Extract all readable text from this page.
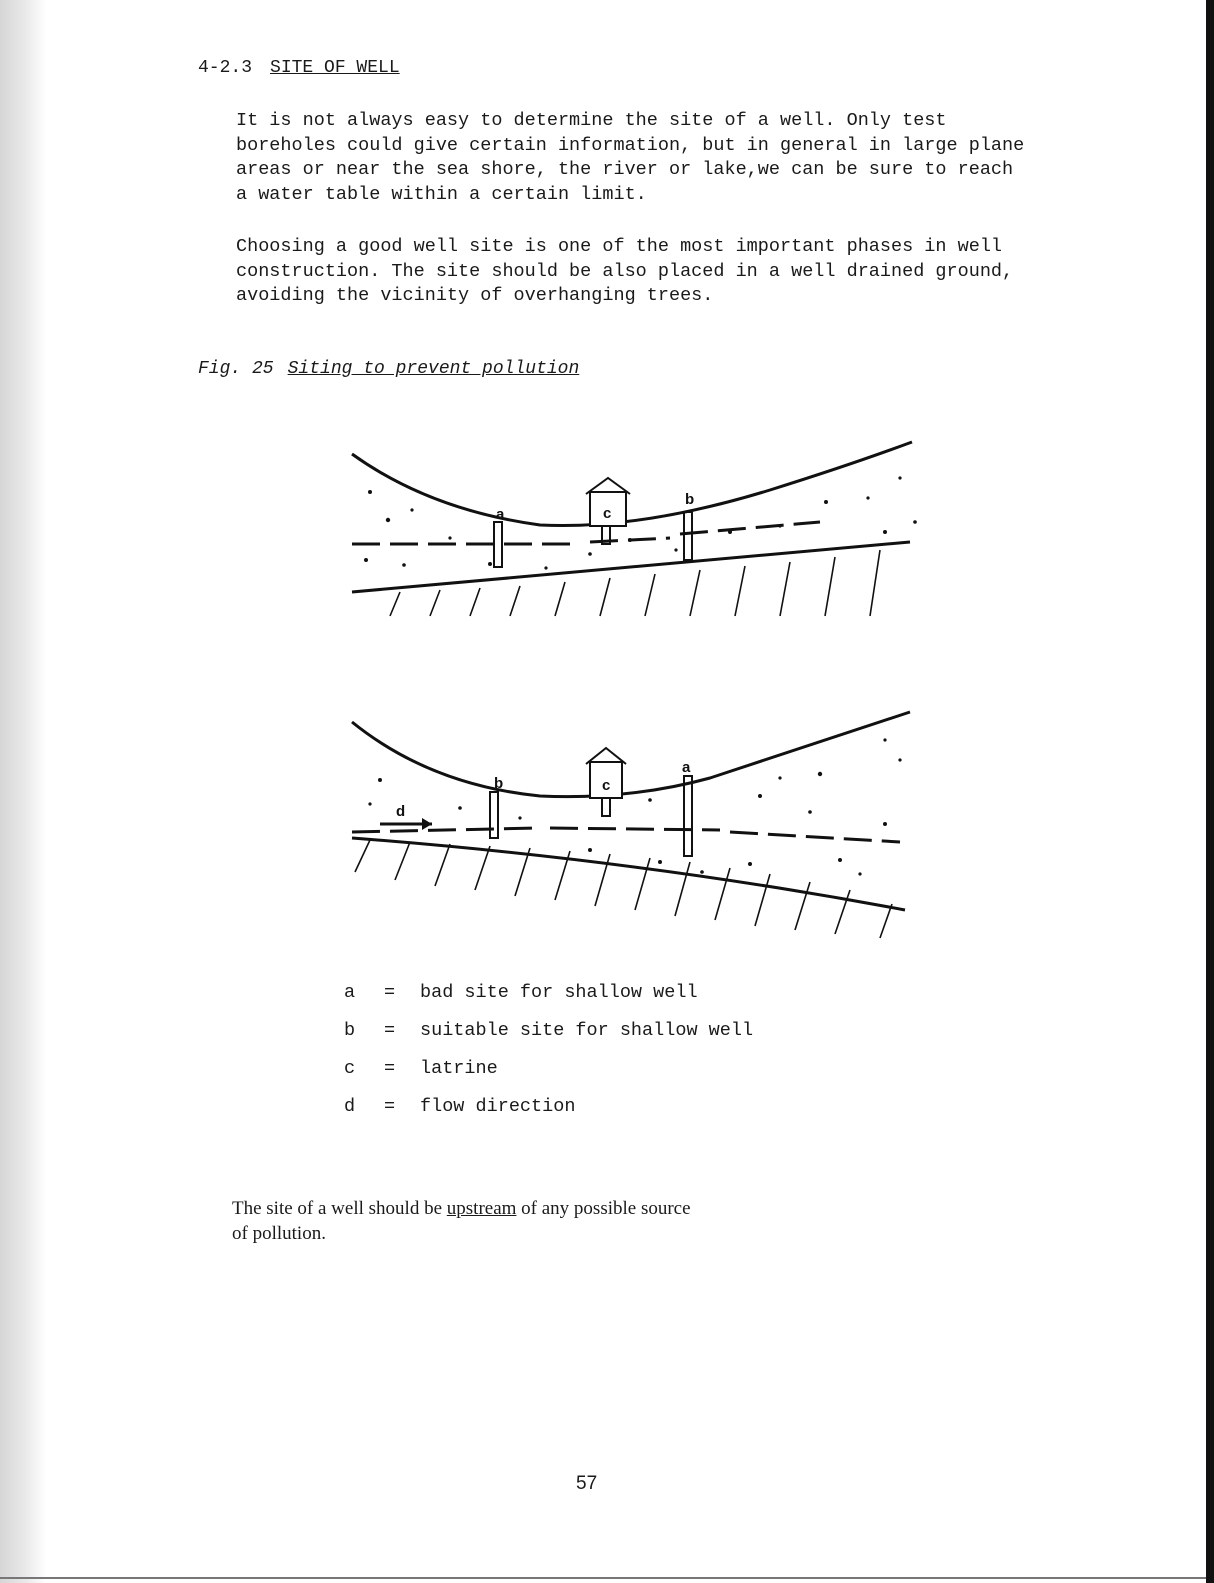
4-2.3 SITE OF WELL
It is not always easy to determine the site of a well. Only test
boreholes could give certain information, but in general in large plane
areas or near the sea shore, the river or lake,we can be sure to reach
a water table within a certain limit.
Choosing a good well site is one of the most important phases in well
construction. The site should be also placed in a well drained ground,
avoiding the vicinity of overhanging trees.
Fig. 25 Siting to prevent pollution
a	c
b
d
b	c
a
a = bad site for shallow well
b = suitable site for shallow well
c = latrine
d = flow direction
The site of a well should be upstream of any possible source
of pollution.
57
